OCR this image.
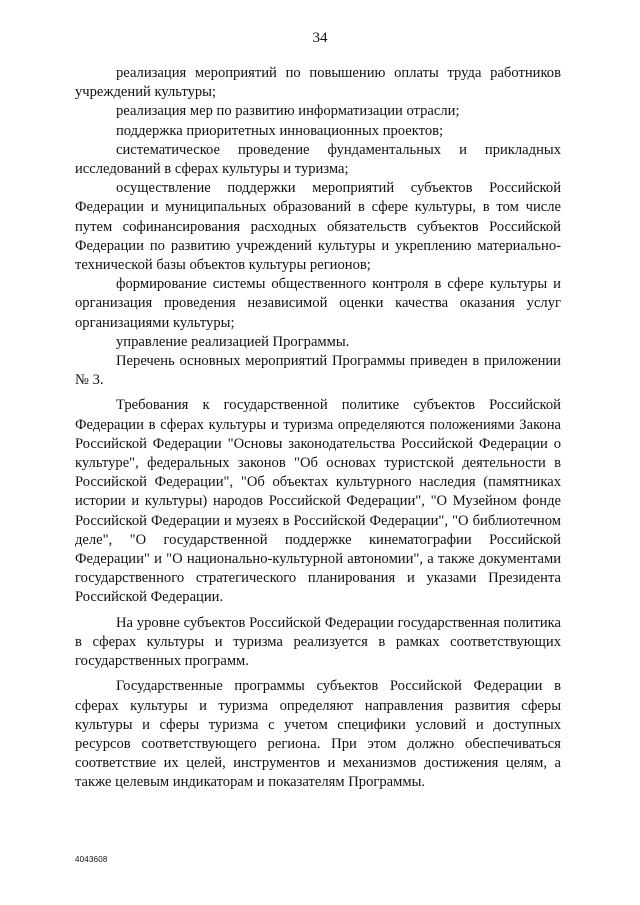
34

реализация мероприятий по повышению оплаты труда работников учреждений культуры;

реализация мер по развитию информатизации отрасли;

поддержка приоритетных инновационных проектов;

систематическое проведение фундаментальных и прикладных исследований в сферах культуры и туризма;

осуществление поддержки мероприятий субъектов Российской Федерации и муниципальных образований в сфере культуры, в том числе путем софинансирования расходных обязательств субъектов Российской Федерации по развитию учреждений культуры и укреплению материально-технической базы объектов культуры регионов;

формирование системы общественного контроля в сфере культуры и организация проведения независимой оценки качества оказания услуг организациями культуры;

управление реализацией Программы.

Перечень основных мероприятий Программы приведен в приложении № 3.

Требования к государственной политике субъектов Российской Федерации в сферах культуры и туризма определяются положениями Закона Российской Федерации "Основы законодательства Российской Федерации о культуре", федеральных законов "Об основах туристской деятельности в Российской Федерации", "Об объектах культурного наследия (памятниках истории и культуры) народов Российской Федерации", "О Музейном фонде Российской Федерации и музеях в Российской Федерации", "О библиотечном деле", "О государственной поддержке кинематографии Российской Федерации" и "О национально-культурной автономии", а также документами государственного стратегического планирования и указами Президента Российской Федерации.

На уровне субъектов Российской Федерации государственная политика в сферах культуры и туризма реализуется в рамках соответствующих государственных программ.

Государственные программы субъектов Российской Федерации в сферах культуры и туризма определяют направления развития сферы культуры и сферы туризма с учетом специфики условий и доступных ресурсов соответствующего региона. При этом должно обеспечиваться соответствие их целей, инструментов и механизмов достижения целям, а также целевым индикаторам и показателям Программы.

4043608
